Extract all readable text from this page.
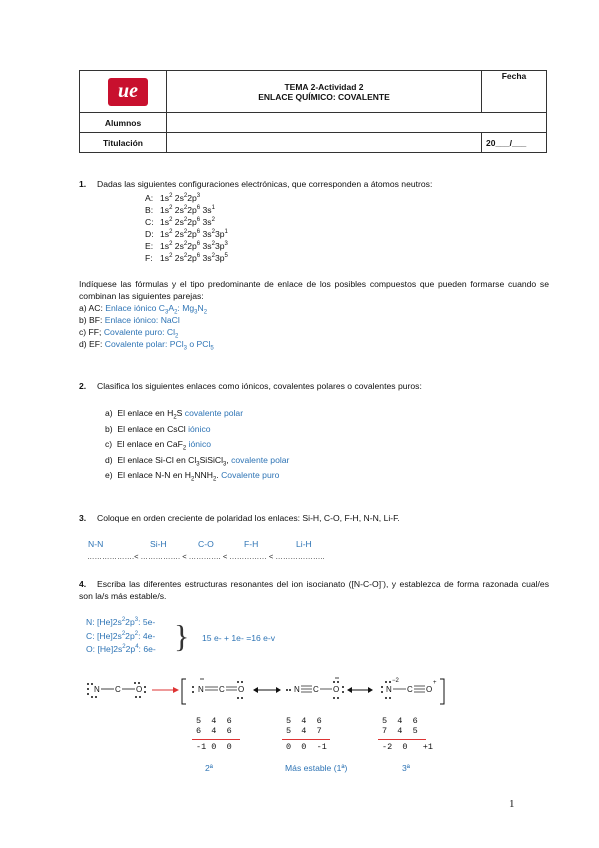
ue	TEMA 2-Actividad 2
ENLACE QUÍMICO: COVALENTE	Fecha
Alumnos		
Titulación		20___/___
1. Dadas las siguientes configuraciones electrónicas, que corresponden a átomos neutros:
A: $1s^2$ $2s^22p^3$
B: $1s^2$ $2s^22p^6$ $3s^1$
C: $1s^2$ $2s^22p^6$ $3s^2$
D: $1s^2$ $2s^22p^6$ $3s^23p^1$
E: $1s^2$ $2s^22p^6$ $3s^23p^3$
F: $1s^2$ $2s^22p^6$ $3s^23p^5$
Indíquese las fórmulas y el tipo predominante de enlace de los posibles compuestos que pueden formarse cuando se combinan las siguientes parejas:
a) AC: Enlace iónico $C_3A_2$: $Mg_3N_2$
b) BF: Enlace iónico: NaCl
c) FF; Covalente puro: $Cl_2$
d) EF: Covalente polar: PCl$_3$ o PCl$_5$
2. Clasifica los siguientes enlaces como iónicos, covalentes polares o covalentes puros:
a)  El enlace en $H_2S$ covalente polar
b)  El enlace en CsCl iónico
c)  El enlace en CaF$_2$ iónico
d)  El enlace Si-Cl en $Cl_3SiSiCl_3$, covalente polar
e)  El enlace N-N en $H_2NNH_2$. Covalente puro
3. Coloque en orden creciente de polaridad los enlaces: Si-H, C-O, F-H, N-N, Li-F.
N-N	Si-H	C-O	F-H	Li-H
……………….< ……………. < …………. < …………… < ………………..
4. Escriba las diferentes estructuras resonantes del ion isocianato ([N-C-O]-), y establezca de forma razonada cual/es son la/s más estable/s.
N: $[He]2s^22p^3$: 5e-
C: $[He]2s^22p^2$: 4e-
O: $[He]2s^22p^4$: 6e- } 15 e- + 1e- =16 e-v
N C O	N C O	N C O	N C O
−2	+
5  4  6
6  4  6
-1 0  0
2ª
5  4  6
5  4  7
0  0  -1
Más estable (1ª)
5  4  6
7  4  5
-2  0   +1
3ª
1
